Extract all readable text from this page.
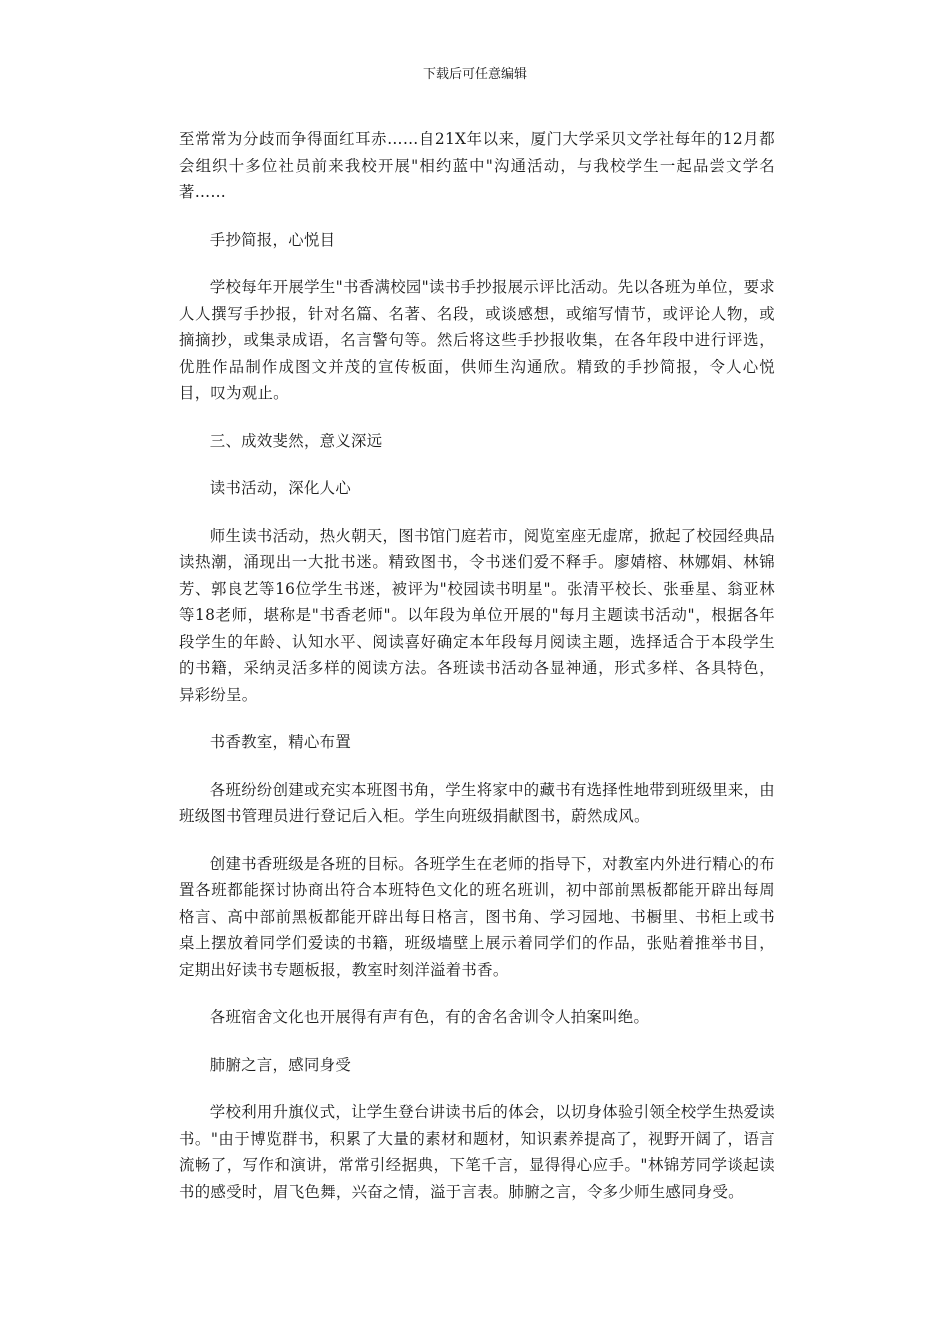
下载后可任意编辑

至常常为分歧而争得面红耳赤……自21X年以来，厦门大学采贝文学社每年的12月都会组织十多位社员前来我校开展"相约蓝中"沟通活动，与我校学生一起品尝文学名著……

手抄简报，心悦目

学校每年开展学生"书香满校园"读书手抄报展示评比活动。先以各班为单位，要求人人撰写手抄报，针对名篇、名著、名段，或谈感想，或缩写情节，或评论人物，或摘摘抄，或集录成语，名言警句等。然后将这些手抄报收集，在各年段中进行评选，优胜作品制作成图文并茂的宣传板面，供师生沟通欣。精致的手抄简报，令人心悦目，叹为观止。

三、成效斐然，意义深远

读书活动，深化人心

师生读书活动，热火朝天，图书馆门庭若市，阅览室座无虚席，掀起了校园经典品读热潮，涌现出一大批书迷。精致图书，令书迷们爱不释手。廖婧榕、林娜娟、林锦芳、郭良艺等16位学生书迷，被评为"校园读书明星"。张清平校长、张垂星、翁亚林等18老师，堪称是"书香老师"。以年段为单位开展的"每月主题读书活动"，根据各年段学生的年龄、认知水平、阅读喜好确定本年段每月阅读主题，选择适合于本段学生的书籍，采纳灵活多样的阅读方法。各班读书活动各显神通，形式多样、各具特色，异彩纷呈。

书香教室，精心布置

各班纷纷创建或充实本班图书角，学生将家中的藏书有选择性地带到班级里来，由班级图书管理员进行登记后入柜。学生向班级捐献图书，蔚然成风。

创建书香班级是各班的目标。各班学生在老师的指导下，对教室内外进行精心的布置各班都能探讨协商出符合本班特色文化的班名班训，初中部前黑板都能开辟出每周格言、高中部前黑板都能开辟出每日格言，图书角、学习园地、书橱里、书柜上或书桌上摆放着同学们爱读的书籍，班级墙壁上展示着同学们的作品，张贴着推举书目，定期出好读书专题板报，教室时刻洋溢着书香。

各班宿舍文化也开展得有声有色，有的舍名舍训令人拍案叫绝。

肺腑之言，感同身受

学校利用升旗仪式，让学生登台讲读书后的体会，以切身体验引领全校学生热爱读书。"由于博览群书，积累了大量的素材和题材，知识素养提高了，视野开阔了，语言流畅了，写作和演讲，常常引经据典，下笔千言，显得得心应手。"林锦芳同学谈起读书的感受时，眉飞色舞，兴奋之情，溢于言表。肺腑之言，令多少师生感同身受。
